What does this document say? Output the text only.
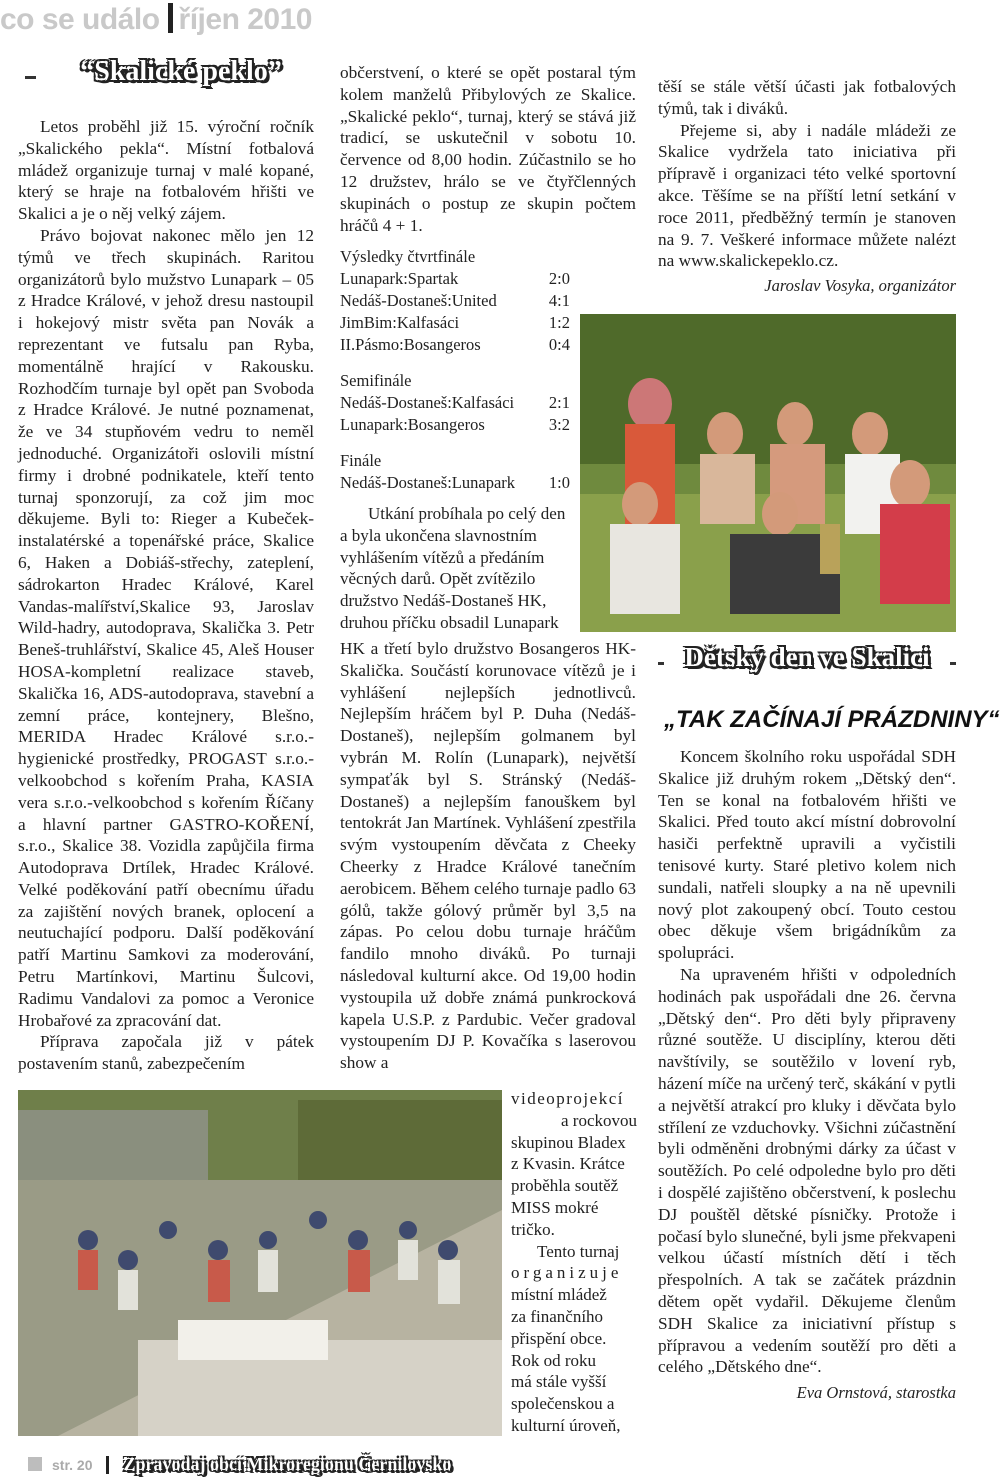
co se událo říjen 2010
“Skalické peklo”

Letos proběhl již 15. výroční ročník „Skalického pekla“. Místní fotbalová mládež organizuje turnaj v malé kopané, který se hraje na fotbalovém hřišti ve Skalici a je o něj velký zájem.

Právo bojovat nakonec mělo jen 12 týmů ve třech skupinách. Raritou organizátorů bylo mužstvo Lunapark – 05 z Hradce Králové, v jehož dresu nastoupil i hokejový mistr světa pan Novák a reprezentant ve futsalu pan Ryba, momentálně hrající v Rakousku. Rozhodčím turnaje byl opět pan Svoboda z Hradce Králové. Je nutné poznamenat, že ve 34 stupňovém vedru to neměl jednoduché. Organizátoři oslovili místní firmy i drobné podnikatele, kteří tento turnaj sponzorují, za což jim moc děkujeme. Byli to: Rieger a Kubeček-instalatérské a topenářské práce, Skalice 6, Haken a Dobiáš-střechy, zateplení, sádrokarton Hradec Králové, Karel Vandas-malířství,Skalice 93, Jaroslav Wild-hadry, autodoprava, Skalička 3. Petr Beneš-truhlářství, Skalice 45, Aleš Houser HOSA-kompletní realizace staveb, Skalička 16, ADS-autodoprava, stavební a zemní práce, kontejnery, Blešno, MERIDA Hradec Králové s.r.o.-hygienické prostředky, PROGAST s.r.o.-velkoobchod s kořením Praha, KASIA vera s.r.o.-velkoobchod s kořením Říčany a hlavní partner GASTRO-KOŘENÍ, s.r.o., Skalice 38. Vozidla zapůjčila firma Autodoprava Drtílek, Hradec Králové. Velké poděkování patří obecnímu úřadu za zajištění nových branek, oplocení a neutuchající podporu. Další poděkování patří Martinu Samkovi za moderování, Petru Martínkovi, Martinu Šulcovi, Radimu Vandalovi za pomoc a Veronice Hrobařové za zpracování dat.

Příprava započala již v pátek postavením stanů, zabezpečením

občerstvení, o které se opět postaral tým kolem manželů Přibylových ze Skalice. „Skalické peklo“, turnaj, který se stává již tradicí, se uskutečnil v sobotu 10. července od 8,00 hodin. Zúčastnilo se ho 12 družstev, hrálo se ve čtyřčlenných skupinách o postup ze skupin počtem hráčů 4 + 1.

Výsledky čtvrtfinále
Lunapark:Spartak	2:0
Nedáš-Dostaneš:United	4:1
JimBim:Kalfasáci	1:2
II.Pásmo:Bosangeros	0:4
Semifinále
Nedáš-Dostaneš:Kalfasáci 2:1
Lunapark:Bosangeros	3:2
Finále
Nedáš-Dostaneš:Lunapark 1:0
Utkání probíhala po celý den
a byla ukončena slavnostním
vyhlášením vítězů a předáním
věcných darů. Opět zvítězilo
družstvo Nedáš-Dostaneš HK,
druhou příčku obsadil Lunapark

HK a třetí bylo družstvo Bosangeros HK-Skalička. Součástí korunovace vítězů je i vyhlášení nejlepších jednotlivců. Nejlepším hráčem byl P. Duha (Nedáš-Dostaneš), nejlepším golmanem byl vybrán M. Rolín (Lunapark), největší sympaťák byl S. Stránský (Nedáš-Dostaneš) a nejlepším fanouškem byl tentokrát Jan Martínek. Vyhlášení zpestřila svým vystoupením děvčata z Cheeky Cheerky z Hradce Králové tanečním aerobicem. Během celého turnaje padlo 63 gólů, takže gólový průměr byl 3,5 na zápas. Po celou dobu turnaje hráčům fandilo mnoho diváků. Po turnaji následoval kulturní akce. Od 19,00 hodin vystoupila už dobře známá punkrocková kapela U.S.P. z Pardubic. Večer gradoval vystoupením DJ P. Kovačíka s laserovou show a

videoprojekcí
a rockovou
skupinou Bladex
z Kvasin. Krátce
proběhla soutěž
MISS mokré
tričko.
Tento turnaj
organizuje
místní mládež
za finančního
přispění obce.
Rok od roku
má stále vyšší
společenskou a
kulturní úroveň,

těší se stále větší účasti jak fotbalových týmů, tak i diváků.

Přejeme si, aby i nadále mládeži ze Skalice vydržela tato iniciativa při přípravě i organizaci této velké sportovní akce. Těšíme se na příští letní setkání v roce 2011, předběžný termín je stanoven na 9. 7. Veškeré informace můžete nalézt na www.skalickepeklo.cz.

Jaroslav Vosyka, organizátor
Dětský den ve Skalici
„TAK ZAČÍNAJÍ PRÁZDNINY“

Koncem školního roku uspořádal SDH Skalice již druhým rokem „Dětský den“. Ten se konal na fotbalovém hřišti ve Skalici. Před touto akcí místní dobrovolní hasiči perfektně upravili a vyčistili tenisové kurty. Staré pletivo kolem nich sundali, natřeli sloupky a na ně upevnili nový plot zakoupený obcí. Touto cestou obec děkuje všem brigádníkům za spolupráci.

Na upraveném hřišti v odpoledních hodinách pak uspořádali dne 26. června „Dětský den“. Pro děti byly připraveny různé soutěže. U disciplíny, kterou děti navštívily, se soutěžilo v lovení ryb, házení míče na určený terč, skákání v pytli a největší atrakcí pro kluky i děvčata bylo střílení ze vzduchovky. Všichni zúčastnění byli odměněni drobnými dárky za účast v soutěžích. Po celé odpoledne bylo pro děti i dospělé zajištěno občerstvení, k poslechu DJ pouštěl dětské písničky. Protože i počasí bylo slunečné, byli jsme překvapeni velkou účastí místních dětí i těch přespolních. A tak se začátek prázdnin dětem opět vydařil. Děkujeme členům SDH Skalice za iniciativní přístup s přípravou a vedením soutěží pro děti a celého „Dětského dne“.

Eva Ornstová, starostka
str. 20 Zpravodaj obcí Mikroregionu Černilovsko
